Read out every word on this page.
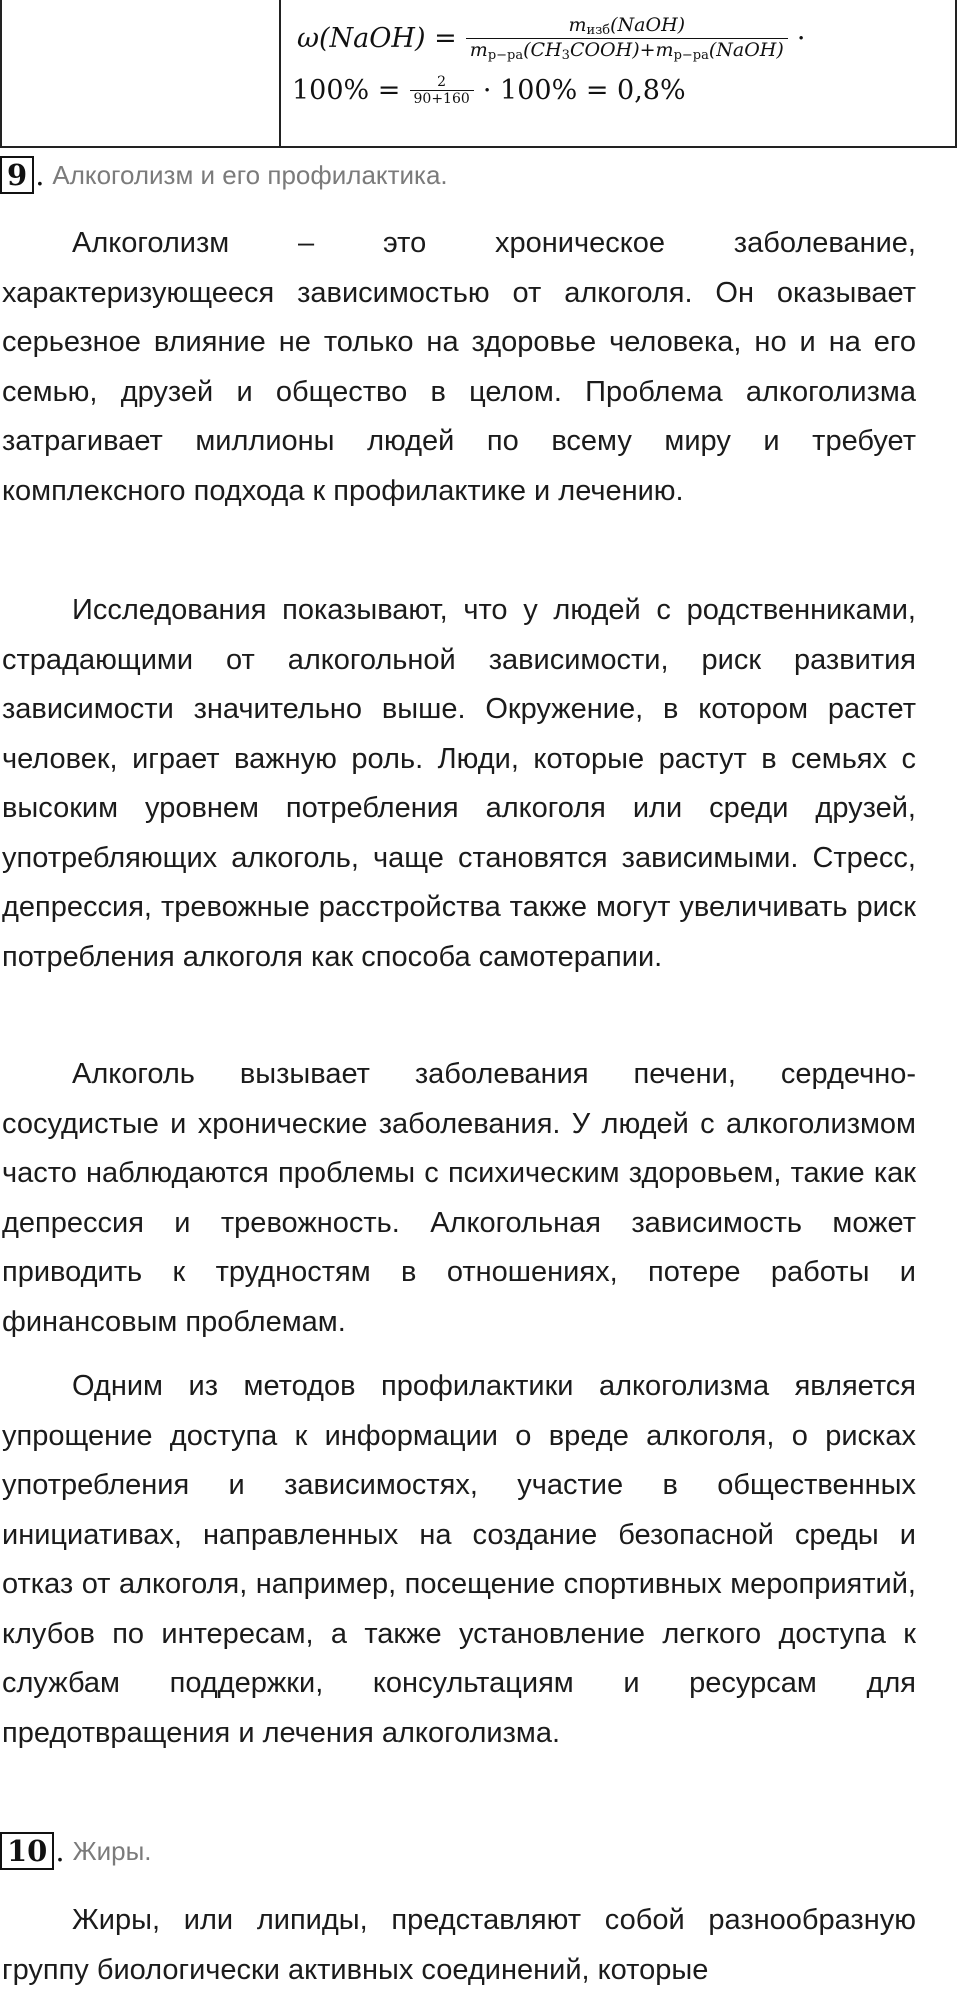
ω(NaOH) = $\frac{m_{изб}(NaOH)}{m_{р-ра}(CH_3COOH)+m_{р-ра}(NaOH)}$ ·
$100\% = \frac{2}{90+160} \cdot 100\% = 0,8\%$
9 . Алкоголизм и его профилактика.

Алкоголизм – это хроническое заболевание, характеризующееся зависимостью от алкоголя. Он оказывает серьезное влияние не только на здоровье человека, но и на его семью, друзей и общество в целом. Проблема алкоголизма затрагивает миллионы людей по всему миру и требует комплексного подхода к профилактике и лечению.

Исследования показывают, что у людей с родственниками, страдающими от алкогольной зависимости, риск развития зависимости значительно выше. Окружение, в котором растет человек, играет важную роль. Люди, которые растут в семьях с высоким уровнем потребления алкоголя или среди друзей, употребляющих алкоголь, чаще становятся зависимыми. Стресс, депрессия, тревожные расстройства также могут увеличивать риск потребления алкоголя как способа самотерапии.

Алкоголь вызывает заболевания печени, сердечно-сосудистые и хронические заболевания. У людей с алкоголизмом часто наблюдаются проблемы с психическим здоровьем, такие как депрессия и тревожность. Алкогольная зависимость может приводить к трудностям в отношениях, потере работы и финансовым проблемам.

Одним из методов профилактики алкоголизма является упрощение доступа к информации о вреде алкоголя, о рисках употребления и зависимостях, участие в общественных инициативах, направленных на создание безопасной среды и отказ от алкоголя, например, посещение спортивных мероприятий, клубов по интересам, а также установление легкого доступа к службам поддержки, консультациям и ресурсам для предотвращения и лечения алкоголизма.

10 . Жиры.

Жиры, или липиды, представляют собой разнообразную группу биологически активных соединений, которые
